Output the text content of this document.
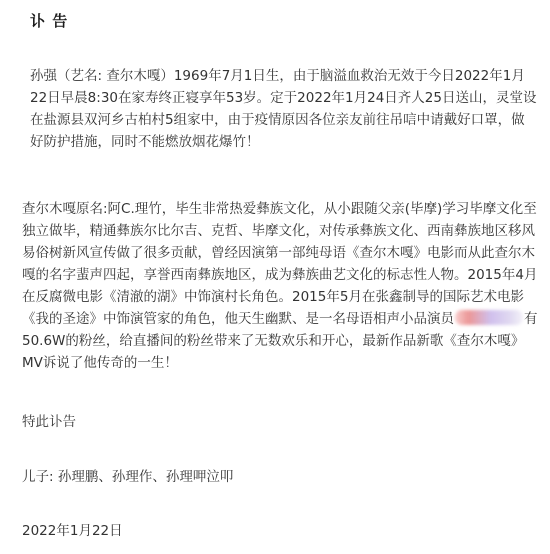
讣 告

孙强（艺名: 查尔木嘎）1969年7月1日生，由于脑溢血救治无效于今日2022年1月22日早晨8:30在家寿终正寝享年53岁。定于2022年1月24日齐人25日送山，灵堂设在盐源县双河乡古柏村5组家中，由于疫情原因各位亲友前往吊唁中请戴好口罩，做好防护措施，同时不能燃放烟花爆竹！

查尔木嘎原名:阿C.理竹，毕生非常热爱彝族文化，从小跟随父亲(毕摩)学习毕摩文化至独立做毕，精通彝族尔比尔吉、克哲、毕摩文化，对传承彝族文化、西南彝族地区移风易俗树新风宣传做了很多贡献，曾经因演第一部纯母语《查尔木嘎》电影而从此查尔木嘎的名字蜚声四起，享誉西南彝族地区，成为彝族曲艺文化的标志性人物。2015年4月在反腐微电影《清澈的湖》中饰演村长角色。2015年5月在张鑫制导的国际艺术电影《我的圣途》中饰演管家的角色，他天生幽默、是一名母语相声小品演员	有50.6W的粉丝，给直播间的粉丝带来了无数欢乐和开心，最新作品新歌《查尔木嘎》MV诉说了他传奇的一生！

特此讣告

儿子: 孙理鹏、孙理作、孙理呷泣叩

2022年1月22日
